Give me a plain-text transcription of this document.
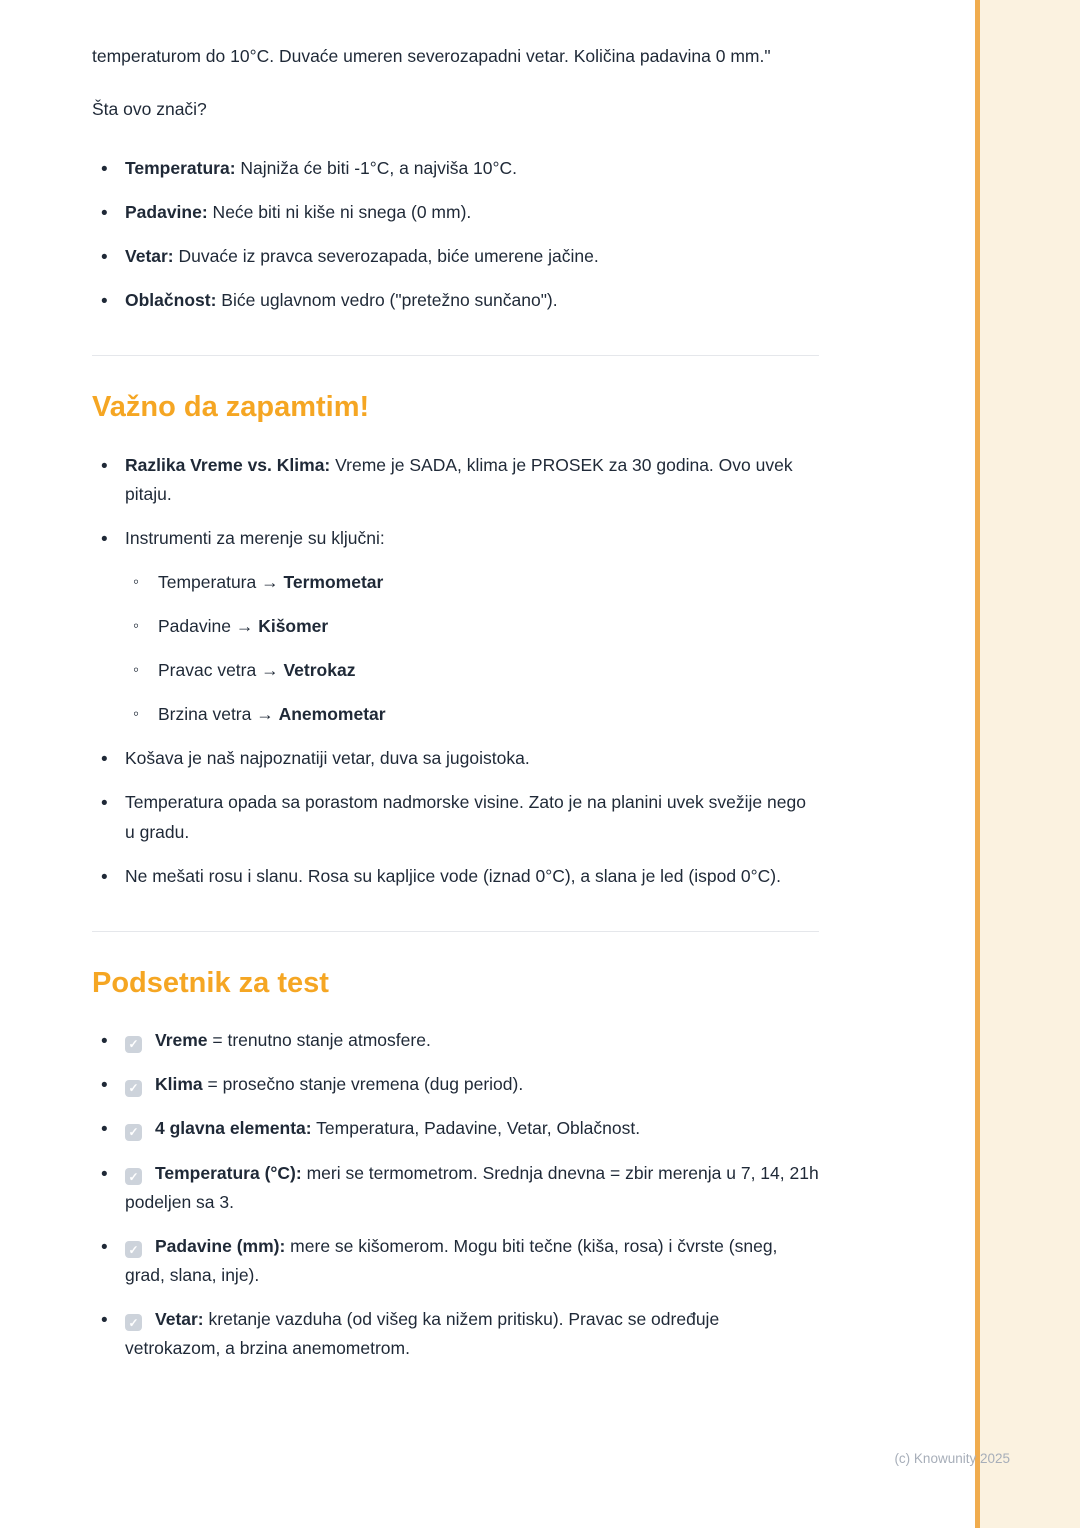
temperaturom do 10°C. Duvaće umeren severozapadni vetar. Količina padavina 0 mm."

Šta ovo znači?

• Temperatura: Najniža će biti -1°C, a najviša 10°C.
• Padavine: Neće biti ni kiše ni snega (0 mm).
• Vetar: Duvaće iz pravca severozapada, biće umerene jačine.
• Oblačnost: Biće uglavnom vedro ("pretežno sunčano").
Važno da zapamtim!
• Razlika Vreme vs. Klima: Vreme je SADA, klima je PROSEK za 30 godina. Ovo uvek pitaju.
• Instrumenti za merenje su ključni:
◦ Temperatura → Termometar
◦ Padavine → Kišomer
◦ Pravac vetra → Vetrokaz
◦ Brzina vetra → Anemometar
• Košava je naš najpoznatiji vetar, duva sa jugoistoka.
• Temperatura opada sa porastom nadmorske visine. Zato je na planini uvek svežije nego u gradu.
• Ne mešati rosu i slanu. Rosa su kapljice vode (iznad 0°C), a slana je led (ispod 0°C).
Podsetnik za test
• ✓ Vreme = trenutno stanje atmosfere.
• ✓ Klima = prosečno stanje vremena (dug period).
• ✓ 4 glavna elementa: Temperatura, Padavine, Vetar, Oblačnost.
• ✓ Temperatura (°C): meri se termometrom. Srednja dnevna = zbir merenja u 7, 14, 21h podeljen sa 3.
• ✓ Padavine (mm): mere se kišomerom. Mogu biti tečne (kiša, rosa) i čvrste (sneg, grad, slana, inje).
• ✓ Vetar: kretanje vazduha (od višeg ka nižem pritisku). Pravac se određuje vetrokazom, a brzina anemometrom.
(c) Knowunity 2025
